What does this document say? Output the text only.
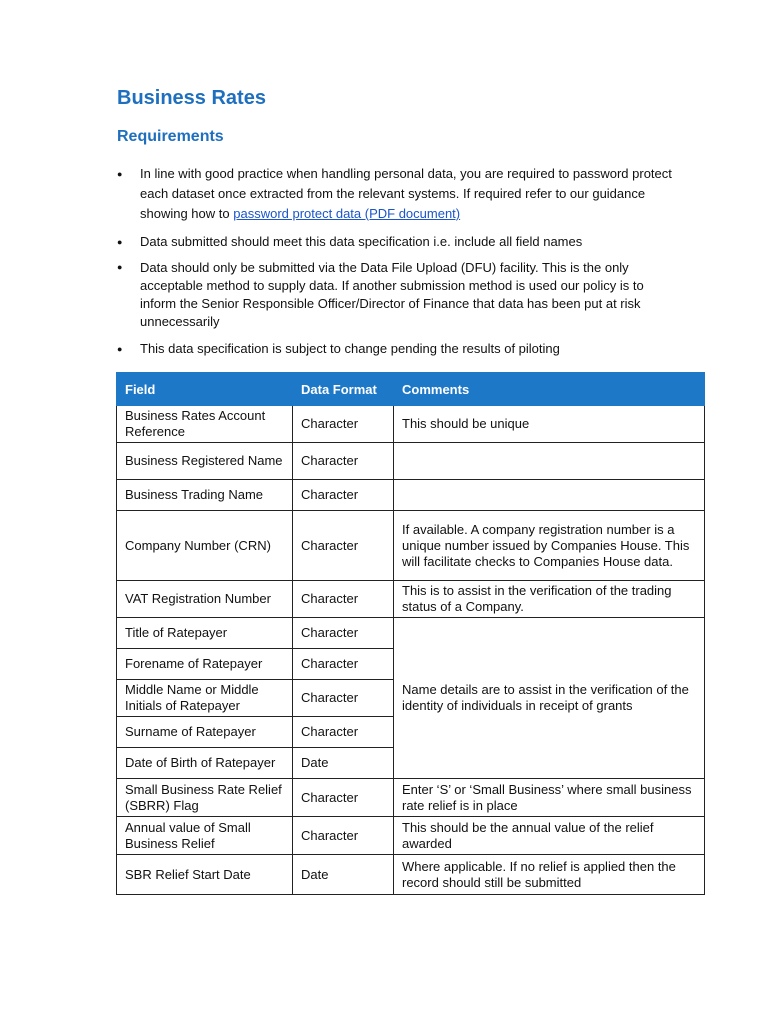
Business Rates
Requirements
● In line with good practice when handling personal data, you are required to password protect each dataset once extracted from the relevant systems. If required refer to our guidance showing how to password protect data (PDF document)
● Data submitted should meet this data specification i.e. include all field names
● Data should only be submitted via the Data File Upload (DFU) facility. This is the only acceptable method to supply data. If another submission method is used our policy is to inform the Senior Responsible Officer/Director of Finance that data has been put at risk unnecessarily
● This data specification is subject to change pending the results of piloting
Field	Data Format	Comments
Business Rates Account Reference	Character	This should be unique
Business Registered Name	Character	
Business Trading Name	Character	
Company Number (CRN)	Character	If available. A company registration number is a unique number issued by Companies House. This will facilitate checks to Companies House data.
VAT Registration Number	Character	This is to assist in the verification of the trading status of a Company.
Title of Ratepayer	Character	Name details are to assist in the verification of the identity of individuals in receipt of grants
Forename of Ratepayer	Character	
Middle Name or Middle Initials of Ratepayer	Character	
Surname of Ratepayer	Character	
Date of Birth of Ratepayer	Date	
Small Business Rate Relief (SBRR) Flag	Character	Enter ‘S’ or ‘Small Business’ where small business rate relief is in place
Annual value of Small Business Relief	Character	This should be the annual value of the relief awarded
SBR Relief Start Date	Date	Where applicable. If no relief is applied then the record should still be submitted
